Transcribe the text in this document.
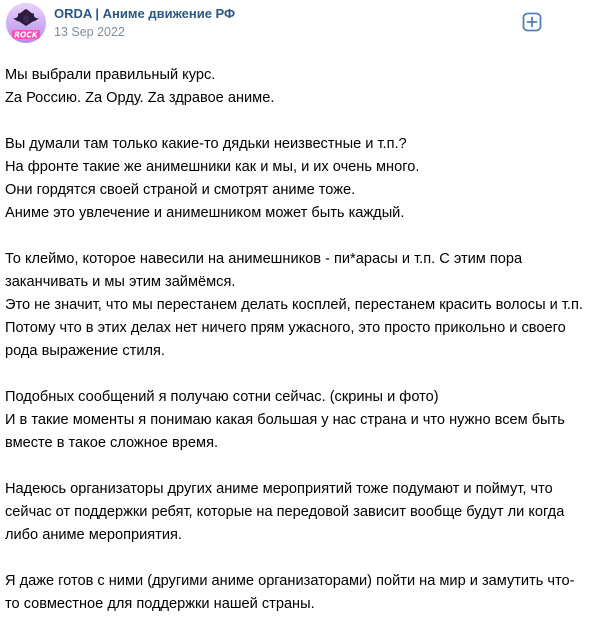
ROCK
ORDA | Аниме движение РФ
13 Sep 2022
Мы выбрали правильный курс.
Zа Россию. Zа Орду. Zа здравое аниме.
Вы думали там только какие-то дядьки неизвестные и т.п.?
На фронте такие же анимешники как и мы, и их очень много.
Они гордятся своей страной и смотрят аниме тоже.
Аниме это увлечение и анимешником может быть каждый.
То клеймо, которое навесили на анимешников - пи*арасы и т.п. С этим пора
заканчивать и мы этим займёмся.
Это не значит, что мы перестанем делать косплей, перестанем красить волосы и т.п.
Потому что в этих делах нет ничего прям ужасного, это просто прикольно и своего
рода выражение стиля.
Подобных сообщений я получаю сотни сейчас. (скрины и фото)
И в такие моменты я понимаю какая большая у нас страна и что нужно всем быть
вместе в такое сложное время.
Надеюсь организаторы других аниме мероприятий тоже подумают и поймут, что
сейчас от поддержки ребят, которые на передовой зависит вообще будут ли когда
либо аниме мероприятия.
Я даже готов с ними (другими аниме организаторами) пойти на мир и замутить что-
то совместное для поддержки нашей страны.
